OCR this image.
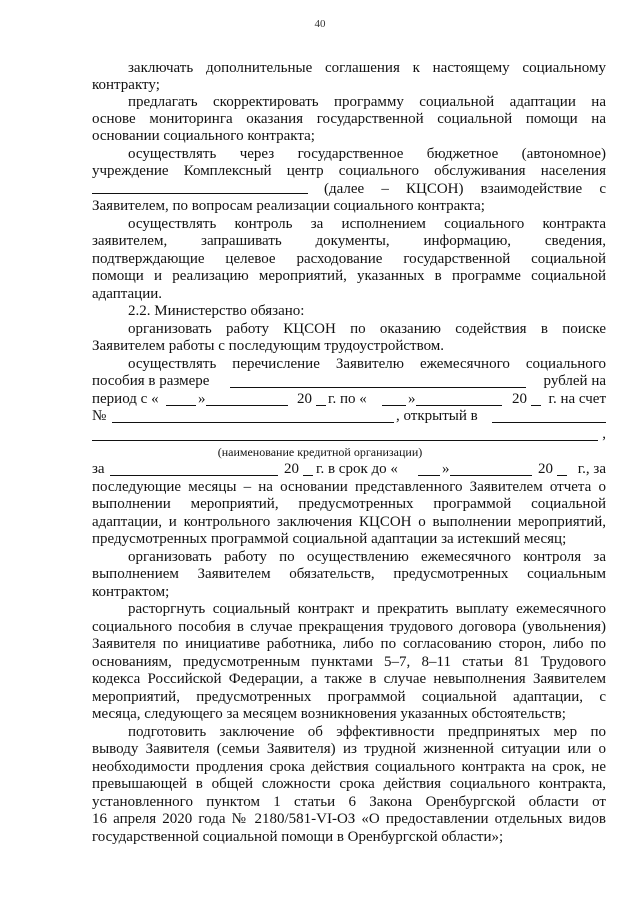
40
заключать дополнительные соглашения к настоящему социальному
контракту;
предлагать скорректировать программу социальной адаптации на
основе мониторинга оказания государственной социальной помощи на
основании социального контракта;
осуществлять через государственное бюджетное (автономное)
учреждение Комплексный центр социального обслуживания населения
(далее – КЦСОН) взаимодействие с
Заявителем, по вопросам реализации социального контракта;
осуществлять контроль за исполнением социального контракта
заявителем, запрашивать документы, информацию, сведения,
подтверждающие целевое расходование государственной социальной
помощи и реализацию мероприятий, указанных в программе социальной
адаптации.
2.2. Министерство обязано:
организовать работу КЦСОН по оказанию содействия в поиске
Заявителем работы с последующим трудоустройством.
осуществлять перечисление Заявителю ежемесячного социального
пособия в размере	рублей на
период с «	»	20 г. по «	»	20 г. на счет
№	, открытый в
,
(наименование кредитной организации)
за	20 г. в срок до «	»	20 г., за
последующие месяцы – на основании представленного Заявителем отчета о
выполнении мероприятий, предусмотренных программой социальной
адаптации, и контрольного заключения КЦСОН о выполнении мероприятий,
предусмотренных программой социальной адаптации за истекший месяц;
организовать работу по осуществлению ежемесячного контроля за
выполнением Заявителем обязательств, предусмотренных социальным
контрактом;
расторгнуть социальный контракт и прекратить выплату ежемесячного
социального пособия в случае прекращения трудового договора (увольнения)
Заявителя по инициативе работника, либо по согласованию сторон, либо по
основаниям, предусмотренным пунктами 5–7, 8–11 статьи 81 Трудового
кодекса Российской Федерации, а также в случае невыполнения Заявителем
мероприятий, предусмотренных программой социальной адаптации, с
месяца, следующего за месяцем возникновения указанных обстоятельств;
подготовить заключение об эффективности предпринятых мер по
выводу Заявителя (семьи Заявителя) из трудной жизненной ситуации или о
необходимости продления срока действия социального контракта на срок, не
превышающей в общей сложности срока действия социального контракта,
установленного пунктом 1 статьи 6 Закона Оренбургской области от
16 апреля 2020 года № 2180/581-VI-ОЗ «О предоставлении отдельных видов
государственной социальной помощи в Оренбургской области»;
